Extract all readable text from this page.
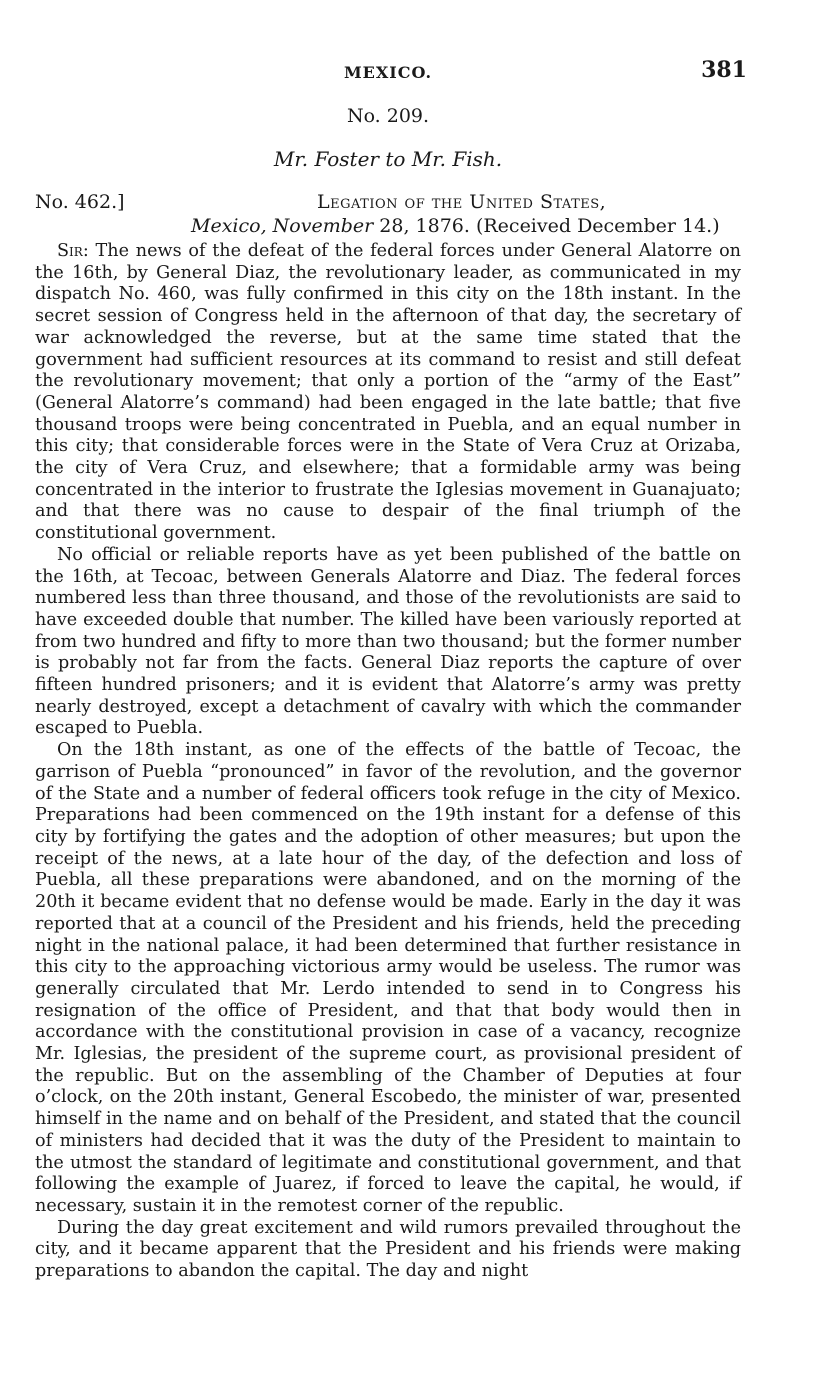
MEXICO.	381
No. 209.
Mr. Foster to Mr. Fish.
No. 462.]	Legation of the United States,
Mexico, November 28, 1876. (Received December 14.)

Sir: The news of the defeat of the federal forces under General Alatorre on the 16th, by General Diaz, the revolutionary leader, as communicated in my dispatch No. 460, was fully confirmed in this city on the 18th instant. In the secret session of Congress held in the afternoon of that day, the secretary of war acknowledged the reverse, but at the same time stated that the government had sufficient resources at its command to resist and still defeat the revolutionary movement; that only a portion of the “army of the East” (General Alatorre’s command) had been engaged in the late battle; that five thousand troops were being concentrated in Puebla, and an equal number in this city; that considerable forces were in the State of Vera Cruz at Orizaba, the city of Vera Cruz, and elsewhere; that a formidable army was being concentrated in the interior to frustrate the Iglesias movement in Guanajuato; and that there was no cause to despair of the final triumph of the constitutional government.

No official or reliable reports have as yet been published of the battle on the 16th, at Tecoac, between Generals Alatorre and Diaz. The federal forces numbered less than three thousand, and those of the revolutionists are said to have exceeded double that number. The killed have been variously reported at from two hundred and fifty to more than two thousand; but the former number is probably not far from the facts. General Diaz reports the capture of over fifteen hundred prisoners; and it is evident that Alatorre’s army was pretty nearly destroyed, except a detachment of cavalry with which the commander escaped to Puebla.

On the 18th instant, as one of the effects of the battle of Tecoac, the garrison of Puebla “pronounced” in favor of the revolution, and the governor of the State and a number of federal officers took refuge in the city of Mexico. Preparations had been commenced on the 19th instant for a defense of this city by fortifying the gates and the adoption of other measures; but upon the receipt of the news, at a late hour of the day, of the defection and loss of Puebla, all these preparations were abandoned, and on the morning of the 20th it became evident that no defense would be made. Early in the day it was reported that at a council of the President and his friends, held the preceding night in the national palace, it had been determined that further resistance in this city to the approaching victorious army would be useless. The rumor was generally circulated that Mr. Lerdo intended to send in to Congress his resignation of the office of President, and that that body would then in accordance with the constitutional provision in case of a vacancy, recognize Mr. Iglesias, the president of the supreme court, as provisional president of the republic. But on the assembling of the Chamber of Deputies at four o’clock, on the 20th instant, General Escobedo, the minister of war, presented himself in the name and on behalf of the President, and stated that the council of ministers had decided that it was the duty of the President to maintain to the utmost the standard of legitimate and constitutional government, and that following the example of Juarez, if forced to leave the capital, he would, if necessary, sustain it in the remotest corner of the republic.

During the day great excitement and wild rumors prevailed throughout the city, and it became apparent that the President and his friends were making preparations to abandon the capital. The day and night
